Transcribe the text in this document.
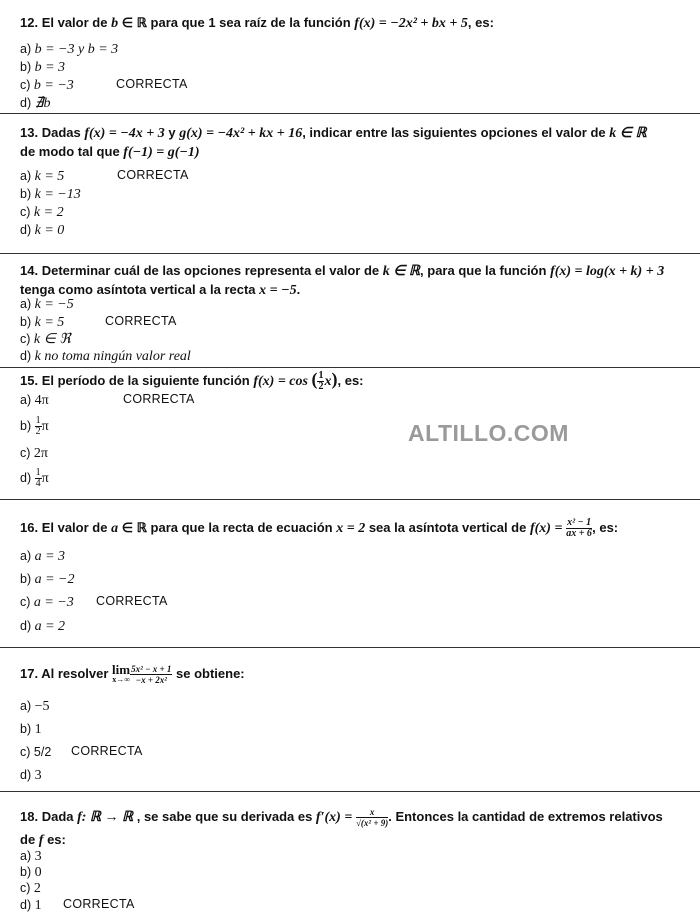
12. El valor de b ∈ ℝ para que 1 sea raíz de la función f(x) = −2x² + bx + 5, es:
a) b = −3 y b = 3
b) b = 3
c) b = −3	CORRECTA
d) ∄b
13. Dadas f(x) = −4x + 3 y g(x) = −4x² + kx + 16, indicar entre las siguientes opciones el valor de k ∈ ℝ
de modo tal que f(−1) = g(−1)
a) k = 5	CORRECTA
b) k = −13
c) k = 2
d) k = 0
14. Determinar cuál de las opciones representa el valor de k ∈ ℝ, para que la función f(x) = log(x + k) + 3
tenga como asíntota vertical a la recta x = −5.
a) k = −5
b) k = 5	CORRECTA
c) k ∈ ℜ
d) k no toma ningún valor real
15. El período de la siguiente función f(x) = cos ( $\frac{1}{2} x$), es:
a) 4π	CORRECTA
$b) \frac{1}{2}$ π
c) 2π
$d) \frac{1}{4}$ π
ALTILLO.COM
16. El valor de a ∈ ℝ para que la recta de ecuación x = 2 sea la asíntota vertical de $f(x) = \frac{\text{x² − 1}}{ax + 6}$ , es:
a) a = 3
b) a = −2
c) a = −3 CORRECTA
d) a = 2
17. Al resolver lim
$x\to\infty \frac{\text{5x² − x + 1}}{\text{−x + 2x²}}$ se obtiene:
a) −5
b) 1
c) 5/2 CORRECTA
d) 3
18. Dada f: ℝ → ℝ , se sabe que su derivada es $f'(x) = \frac{x}{\text{√(x² + 9)}}$ . Entonces la cantidad de extremos relativos
de f es:
a) 3
b) 0
c) 2
d) 1 CORRECTA
